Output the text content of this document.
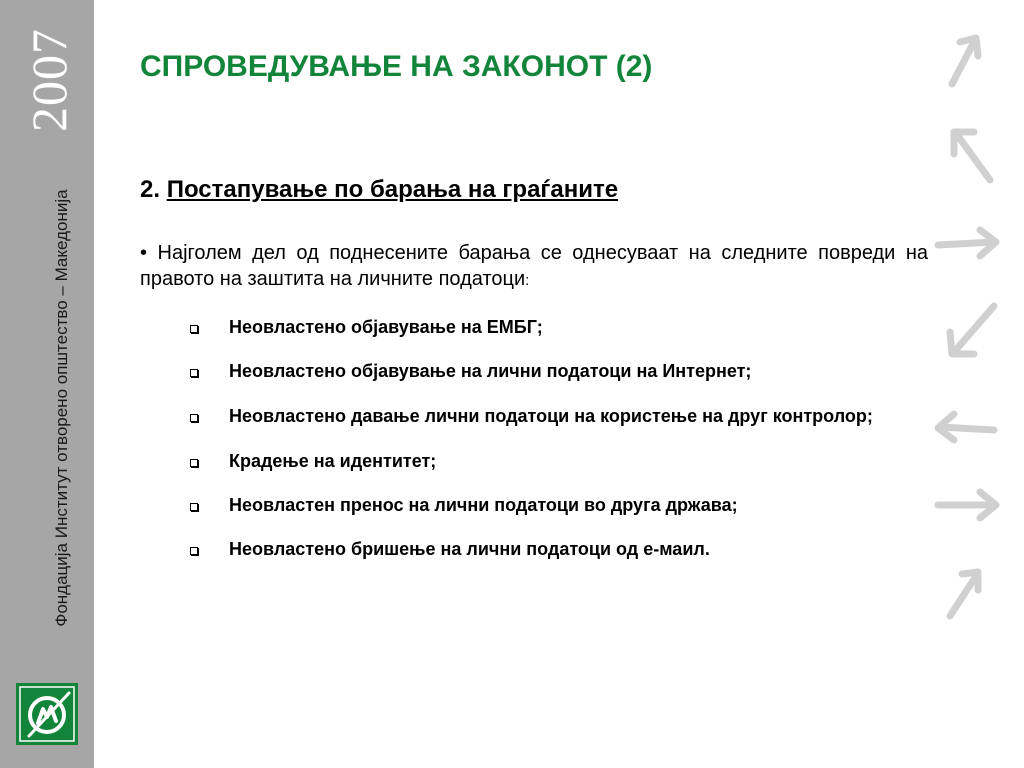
2007
Фондација Институт отворено општество – Македонија
СПРОВЕДУВАЊЕ НА ЗАКОНОТ (2)
2. Постапување по барања на граѓаните
• Најголем дел од поднесените барања се однесуваат на следните повреди на правото на заштита на личните податоци:
Неовластено објавување на ЕМБГ;
Неовластено објавување на лични податоци на Интернет;
Неовластено давање лични податоци на користење на друг контролор;
Крадење на идентитет;
Неовластен пренос на лични податоци во друга држава;
Неовластено бришење на лични податоци од е-маил.
